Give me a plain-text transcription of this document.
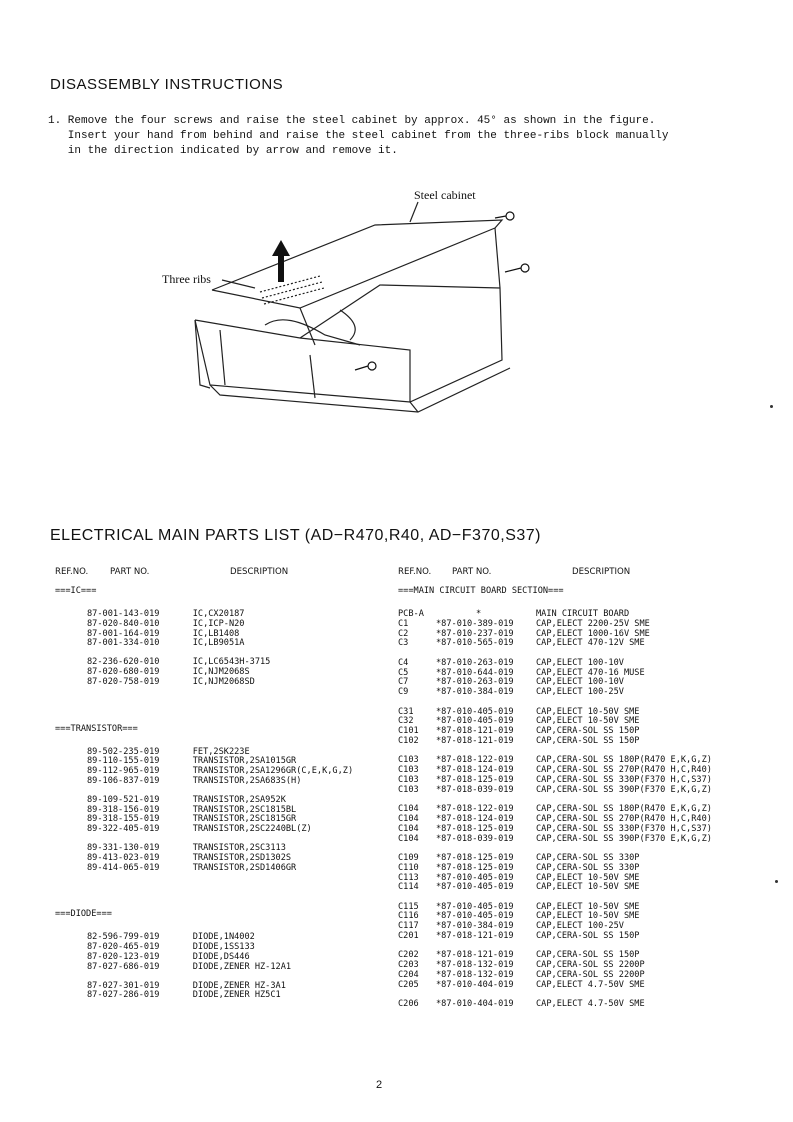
DISASSEMBLY INSTRUCTIONS
1. Remove the four screws and raise the steel cabinet by approx. 45° as shown in the figure.
Insert your hand from behind and raise the steel cabinet from the three-ribs block manually
in the direction indicated by arrow and remove it.
Steel cabinet
Three ribs
ELECTRICAL MAIN PARTS LIST (AD−R470,R40, AD−F370,S37)
REF.NO.	PART NO.	DESCRIPTION	REF.NO. PART NO.	DESCRIPTION
===IC===
87-001-143-019	IC,CX20187
87-020-840-010	IC,ICP-N20
87-001-164-019	IC,LB1408
87-001-334-010	IC,LB9051A
82-236-620-010	IC,LC6543H-3715
87-020-680-019	IC,NJM2068S
87-020-758-019	IC,NJM2068SD
===TRANSISTOR===
89-502-235-019	FET,2SK223E
89-110-155-019	TRANSISTOR,2SA1015GR
89-112-965-019	TRANSISTOR,2SA1296GR(C,E,K,G,Z)
89-106-837-019	TRANSISTOR,2SA683S(H)
89-109-521-019	TRANSISTOR,2SA952K
89-318-156-019	TRANSISTOR,2SC1815BL
89-318-155-019	TRANSISTOR,2SC1815GR
89-322-405-019	TRANSISTOR,2SC2240BL(Z)
89-331-130-019	TRANSISTOR,2SC3113
89-413-023-019	TRANSISTOR,2SD1302S
89-414-065-019	TRANSISTOR,2SD1406GR
===DIODE===
82-596-799-019	DIODE,1N4002
87-020-465-019	DIODE,1SS133
87-020-123-019	DIODE,DS446
87-027-686-019	DIODE,ZENER HZ-12A1
87-027-301-019	DIODE,ZENER HZ-3A1
87-027-286-019	DIODE,ZENER HZ5C1
===MAIN CIRCUIT BOARD SECTION===
PCB-A	*	MAIN CIRCUIT BOARD
C1	*87-010-389-019	CAP,ELECT 2200-25V SME
C2	*87-010-237-019	CAP,ELECT 1000-16V SME
C3	*87-010-565-019	CAP,ELECT 470-12V SME
C4	*87-010-263-019	CAP,ELECT 100-10V
C5	*87-010-644-019	CAP,ELECT 470-16 MUSE
C7	*87-010-263-019	CAP,ELECT 100-10V
C9	*87-010-384-019	CAP,ELECT 100-25V
C31	*87-010-405-019	CAP,ELECT 10-50V SME
C32	*87-010-405-019	CAP,ELECT 10-50V SME
C101	*87-018-121-019	CAP,CERA-SOL SS 150P
C102	*87-018-121-019	CAP,CERA-SOL SS 150P
C103	*87-018-122-019	CAP,CERA-SOL SS 180P(R470 E,K,G,Z)
C103	*87-018-124-019	CAP,CERA-SOL SS 270P(R470 H,C,R40)
C103	*87-018-125-019	CAP,CERA-SOL SS 330P(F370 H,C,S37)
C103	*87-018-039-019	CAP,CERA-SOL SS 390P(F370 E,K,G,Z)
C104	*87-018-122-019	CAP,CERA-SOL SS 180P(R470 E,K,G,Z)
C104	*87-018-124-019	CAP,CERA-SOL SS 270P(R470 H,C,R40)
C104	*87-018-125-019	CAP,CERA-SOL SS 330P(F370 H,C,S37)
C104	*87-018-039-019	CAP,CERA-SOL SS 390P(F370 E,K,G,Z)
C109	*87-018-125-019	CAP,CERA-SOL SS 330P
C110	*87-018-125-019	CAP,CERA-SOL SS 330P
C113	*87-010-405-019	CAP,ELECT 10-50V SME
C114	*87-010-405-019	CAP,ELECT 10-50V SME
C115	*87-010-405-019	CAP,ELECT 10-50V SME
C116	*87-010-405-019	CAP,ELECT 10-50V SME
C117	*87-010-384-019	CAP,ELECT 100-25V
C201	*87-018-121-019	CAP,CERA-SOL SS 150P
C202	*87-018-121-019	CAP,CERA-SOL SS 150P
C203	*87-018-132-019	CAP,CERA-SOL SS 2200P
C204	*87-018-132-019	CAP,CERA-SOL SS 2200P
C205	*87-010-404-019	CAP,ELECT 4.7-50V SME
C206	*87-010-404-019	CAP,ELECT 4.7-50V SME
2
